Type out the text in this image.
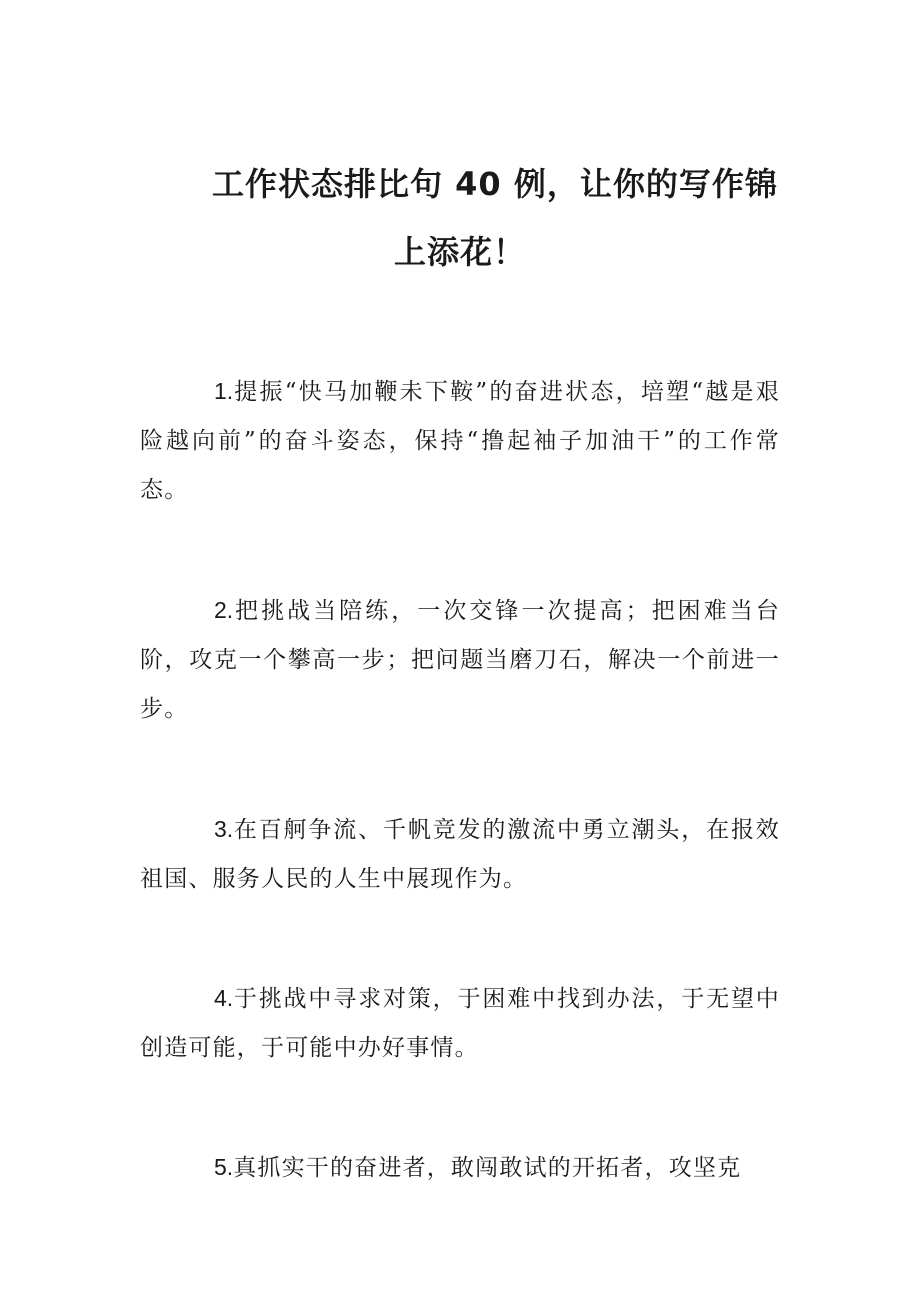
工作状态排比句 40 例，让你的写作锦
上添花！

1.提振“快马加鞭未下鞍”的奋进状态，培塑“越是艰险越向前”的奋斗姿态，保持“撸起袖子加油干”的工作常态。

2.把挑战当陪练，一次交锋一次提高；把困难当台阶，攻克一个攀高一步；把问题当磨刀石，解决一个前进一步。

3.在百舸争流、千帆竞发的激流中勇立潮头，在报效祖国、服务人民的人生中展现作为。

4.于挑战中寻求对策，于困难中找到办法，于无望中创造可能，于可能中办好事情。

5.真抓实干的奋进者，敢闯敢试的开拓者，攻坚克
